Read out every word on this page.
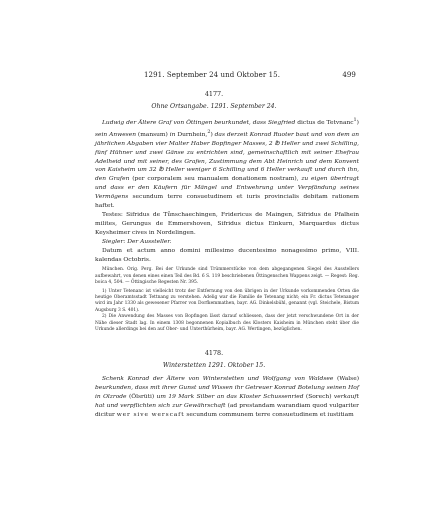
1291. September 24 und Oktober 15.	499
4177.
Ohne Ortsangabe. 1291. September 24.

Ludwig der Ältere Graf von Öttingen beurkundet, dass Siegfried dictus de Tetvnanc$^1$) sein Anwesen (mansum) in Durnhein,$^2$) das derzeit Konrad Ruoter baut und von dem an jährlichen Abgaben vier Malter Haber Bopfinger Masses, 2 ℔ Heller und zwei Schilling, fünf Hühner und zwei Gänse zu entrichten sind, gemeinschaftlich mit seiner Ehefrau Adelheid und mit seiner, des Grafen, Zustimmung dem Abt Heinrich und dem Konvent von Kaisheim um 32 ℔ Heller weniger 6 Schilling und 6 Heller verkauft und durch ihn, den Grafen (per corporalem seu manualem donationem nostram), zu eigen übertragt und dass er den Käufern für Mängel und Entwehrung unter Verpfändung seines Vermögens secundum terre consuetudinem et iuris provincialis debitam rationem haftet.

Testes: Sifridus de Tůnschaechingen, Fridericus de Maingen, Sifridus de Pfalhein milites, Gerungus de Emmershoven, Sifridus dictus Einkurn, Marquardus dictus Keysheimer cives in Nordelingen.

Siegler: Der Aussteller.

Datum et actum anno domini millesimo ducentesimo nonagesimo primo, VIII. kalendas Octobris.

München. Orig. Perg. Bei der Urkunde sind Trümmerstücke von dem abgegangenen Siegel des Ausstellers aufbewahrt, von denen eines einen Teil des Bd. 6 S. 119 beschriebenen Öttingenschen Wappens zeigt. — Regest: Reg. boica 4, 504. — Öttingische Regesten Nr. 395.

1) Unter Tetenanc ist vielleicht trotz der Entfernung von den übrigen in der Urkunde vorkommenden Orten die heutige Oberamtsstadt Tettnang zu verstehen. Adelig war die Familie de Tetenang nicht; ein Fr. dictus Tetenanger wird im Jahr 1330 als gewesener Pfarrer von Dorfkemmathen, bayr. AG. Dinkelsbühl, genannt (vgl. Steichele, Bistum Augsburg 3 S. 401).

2) Die Anwendung des Masses von Bopfingen lässt darauf schliessen, dass der jetzt verschwundene Ort in der Nähe dieser Stadt lag. In einem 1308 begonnenen Kopialbuch des Klosters Kaisheim in München steht über die Urkunde allerdings bei den auf Ober- und Unterthürheim, bayr. AG. Wertingen, bezüglichen.

4178.
Winterstetten 1291. Oktober 15.

Schenk Konrad der Ältere von Winterstetten und Wolfgang von Waldsee (Walse) beurkunden, dass mit ihrer Gunst und Wissen ihr Getreuer Konrad Botelung seinen Hof in Olzrode (Ölsrüti) um 19 Mark Silber an das Kloster Schussenried (Sorech) verkauft hat und verpflichten sich zur Gewährschaft (ad prestandam warandiam quod vulgariter dicitur wer sive werscaft secundum communem terre consuetudinem et iustitiam
